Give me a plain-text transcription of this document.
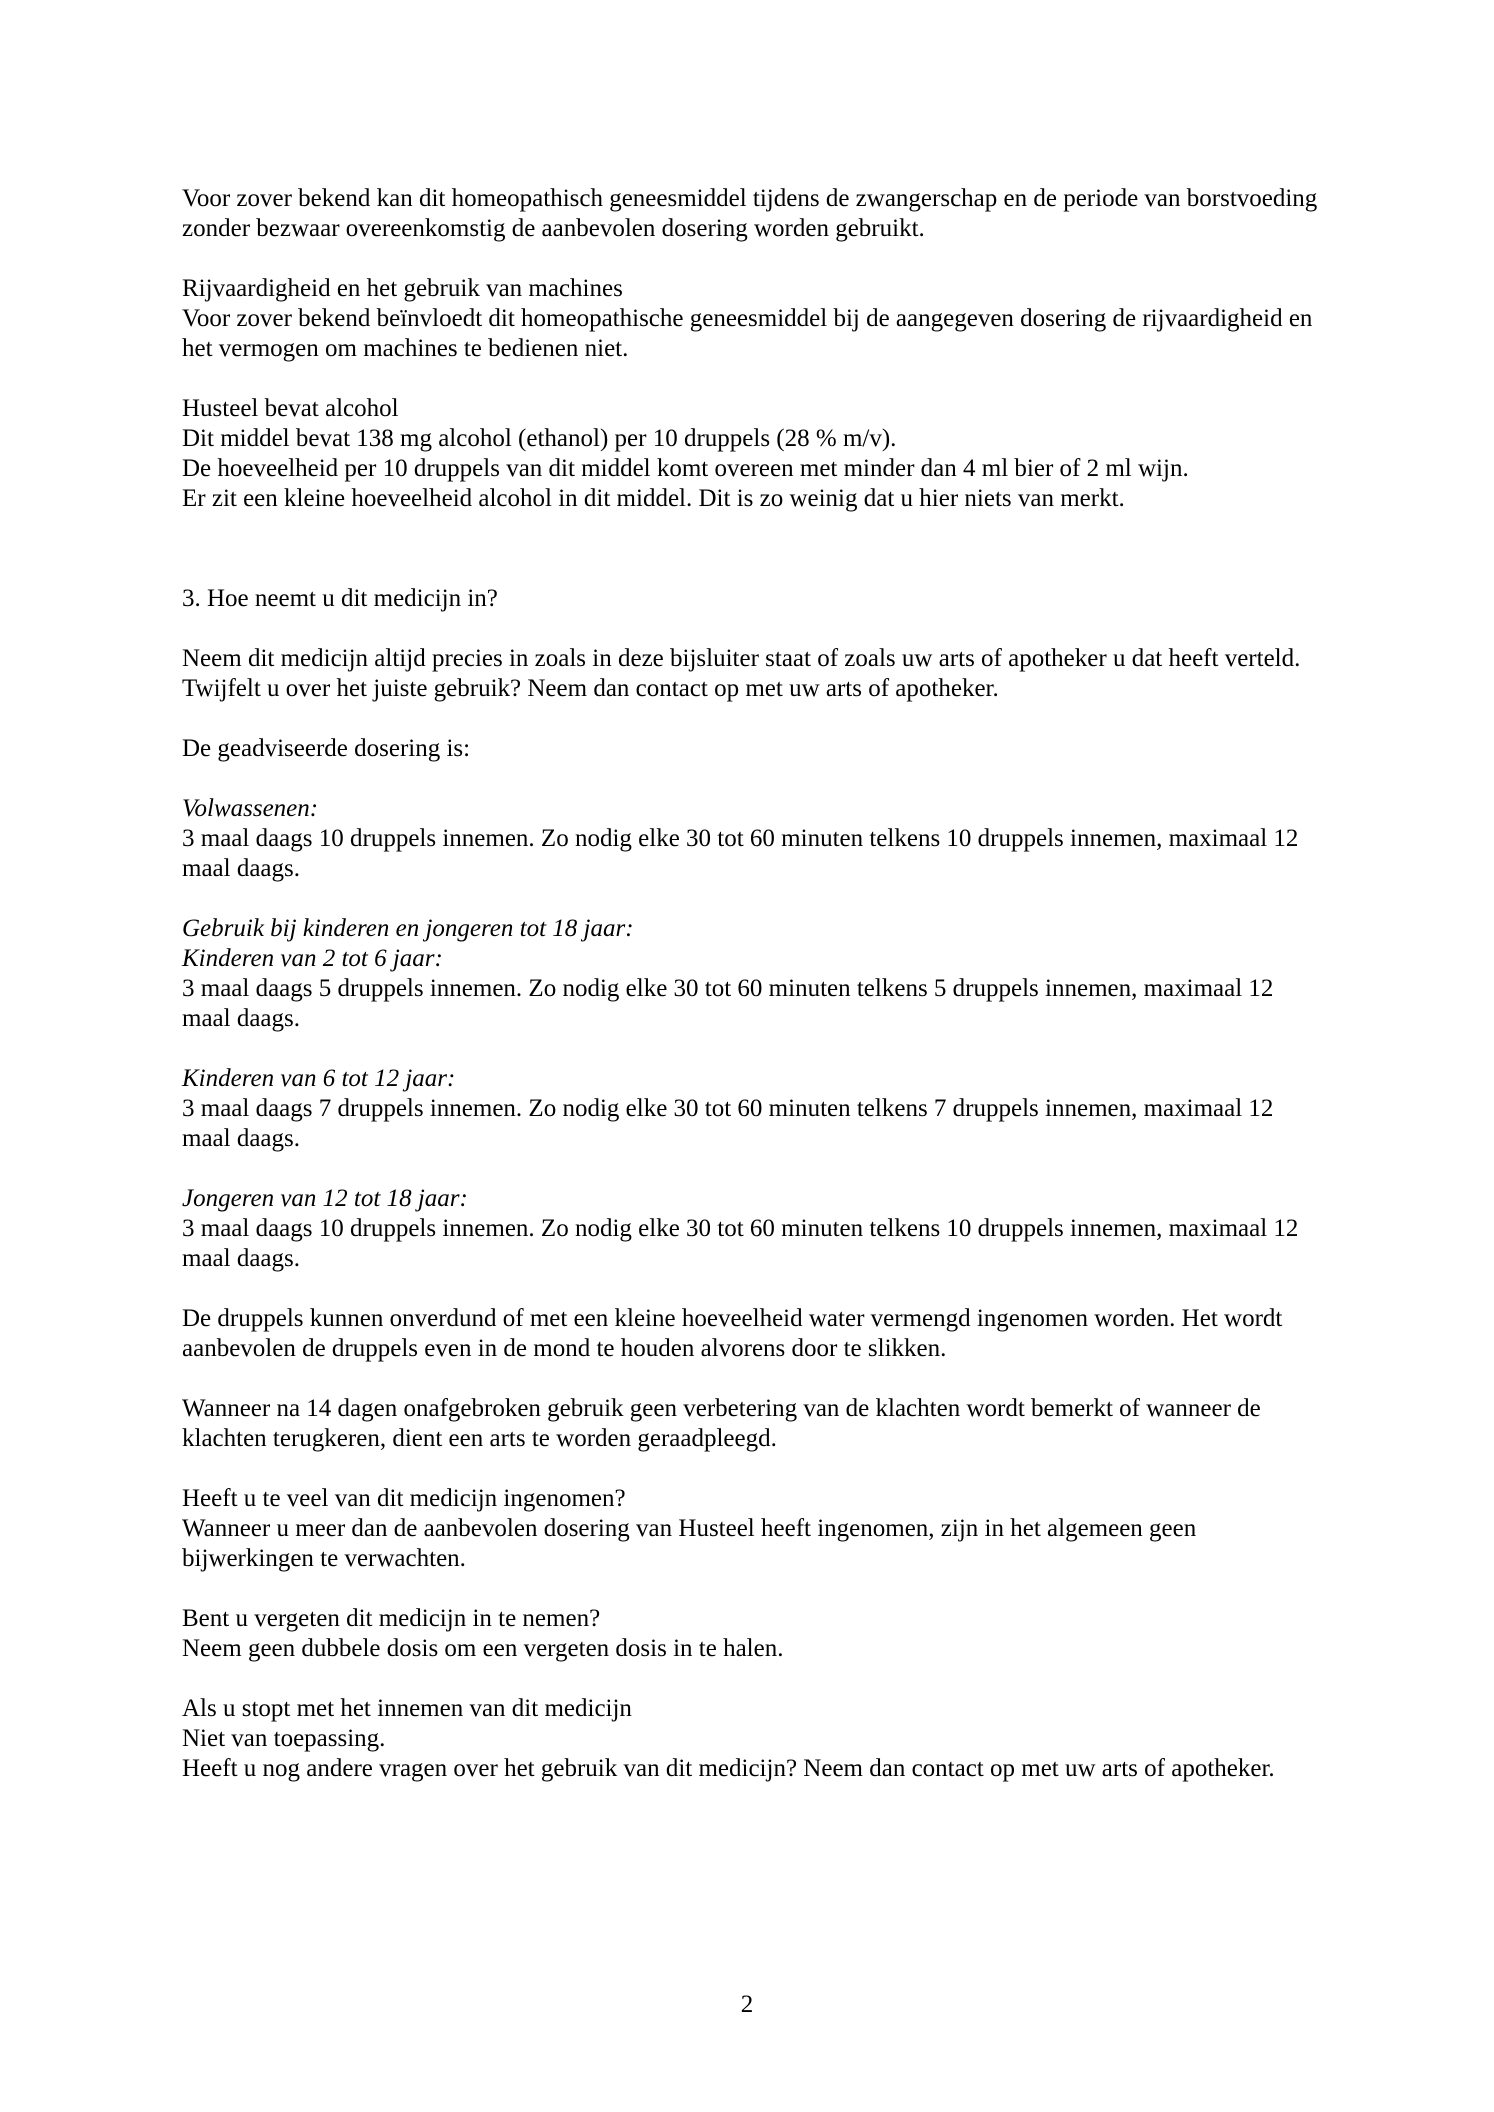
Voor zover bekend kan dit homeopathisch geneesmiddel tijdens de zwangerschap en de periode van borstvoeding zonder bezwaar overeenkomstig de aanbevolen dosering worden gebruikt.

Rijvaardigheid en het gebruik van machines

Voor zover bekend beïnvloedt dit homeopathische geneesmiddel bij de aangegeven dosering de rijvaardigheid en het vermogen om machines te bedienen niet.

Husteel bevat alcohol

Dit middel bevat 138 mg alcohol (ethanol) per 10 druppels (28 % m/v).

De hoeveelheid per 10 druppels van dit middel komt overeen met minder dan 4 ml bier of 2 ml wijn.

Er zit een kleine hoeveelheid alcohol in dit middel. Dit is zo weinig dat u hier niets van merkt.

3. Hoe neemt u dit medicijn in?

Neem dit medicijn altijd precies in zoals in deze bijsluiter staat of zoals uw arts of apotheker u dat heeft verteld. Twijfelt u over het juiste gebruik? Neem dan contact op met uw arts of apotheker.

De geadviseerde dosering is:

Volwassenen:

3 maal daags 10 druppels innemen. Zo nodig elke 30 tot 60 minuten telkens 10 druppels innemen, maximaal 12 maal daags.

Gebruik bij kinderen en jongeren tot 18 jaar:

Kinderen van 2 tot 6 jaar:

3 maal daags 5 druppels innemen. Zo nodig elke 30 tot 60 minuten telkens 5 druppels innemen, maximaal 12 maal daags.

Kinderen van 6 tot 12 jaar:

3 maal daags 7 druppels innemen. Zo nodig elke 30 tot 60 minuten telkens 7 druppels innemen, maximaal 12 maal daags.

Jongeren van 12 tot 18 jaar:

3 maal daags 10 druppels innemen. Zo nodig elke 30 tot 60 minuten telkens 10 druppels innemen, maximaal 12 maal daags.

De druppels kunnen onverdund of met een kleine hoeveelheid water vermengd ingenomen worden. Het wordt aanbevolen de druppels even in de mond te houden alvorens door te slikken.

Wanneer na 14 dagen onafgebroken gebruik geen verbetering van de klachten wordt bemerkt of wanneer de klachten terugkeren, dient een arts te worden geraadpleegd.

Heeft u te veel van dit medicijn ingenomen?

Wanneer u meer dan de aanbevolen dosering van Husteel heeft ingenomen, zijn in het algemeen geen bijwerkingen te verwachten.

Bent u vergeten dit medicijn in te nemen?

Neem geen dubbele dosis om een vergeten dosis in te halen.

Als u stopt met het innemen van dit medicijn

Niet van toepassing.

Heeft u nog andere vragen over het gebruik van dit medicijn? Neem dan contact op met uw arts of apotheker.

2
